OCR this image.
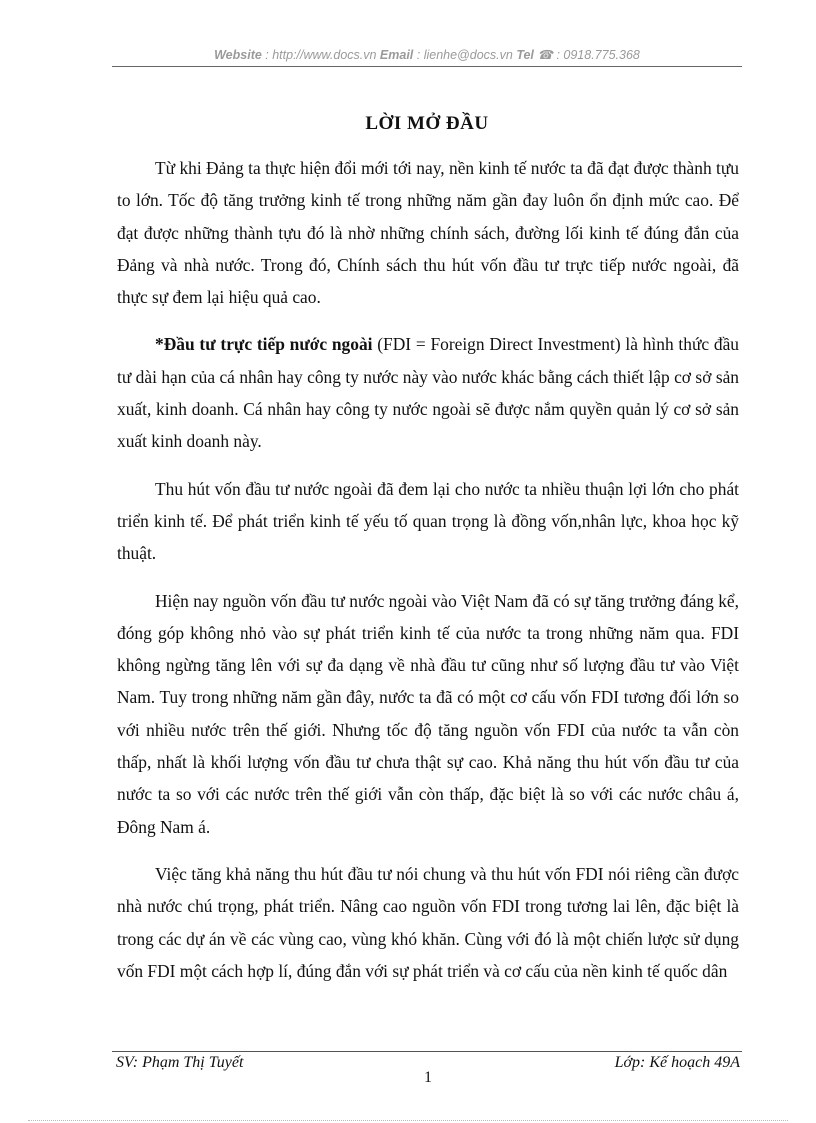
Website : http://www.docs.vn Email : lienhe@docs.vn Tel ☎ : 0918.775.368
LỜI MỞ ĐẦU

Từ khi Đảng ta thực hiện đổi mới tới nay, nền kinh tế nước ta đã đạt được thành tựu to lớn. Tốc độ tăng trưởng kinh tế trong những năm gần đay luôn ổn định mức cao. Để đạt được những thành tựu đó là nhờ những chính sách, đường lối kinh tế đúng đắn của Đảng và nhà nước. Trong đó, Chính sách thu hút vốn đầu tư trực tiếp nước ngoài, đã thực sự đem lại hiệu quả cao.

*Đầu tư trực tiếp nước ngoài (FDI = Foreign Direct Investment) là hình thức đầu tư dài hạn của cá nhân hay công ty nước này vào nước khác bằng cách thiết lập cơ sở sản xuất, kinh doanh. Cá nhân hay công ty nước ngoài sẽ được nắm quyền quản lý cơ sở sản xuất kinh doanh này.

Thu hút vốn đầu tư nước ngoài đã đem lại cho nước ta nhiều thuận lợi lớn cho phát triển kinh tế. Để phát triển kinh tế yếu tố quan trọng là đồng vốn,nhân lực, khoa học kỹ thuật.

Hiện nay nguồn vốn đầu tư nước ngoài vào Việt Nam đã có sự tăng trưởng đáng kể, đóng góp không nhỏ vào sự phát triển kinh tế của nước ta trong những năm qua. FDI không ngừng tăng lên với sự đa dạng về nhà đầu tư cũng như số lượng đầu tư vào Việt Nam. Tuy trong những năm gần đây, nước ta đã có một cơ cấu vốn FDI tương đối lớn so với nhiều nước trên thế giới. Nhưng tốc độ tăng nguồn vốn FDI của nước ta vẫn còn thấp, nhất là khối lượng vốn đầu tư chưa thật sự cao. Khả năng thu hút vốn đầu tư của nước ta so với các nước trên thế giới vẫn còn thấp, đặc biệt là so với các nước châu á, Đông Nam á.

Việc tăng khả năng thu hút đầu tư nói chung và thu hút vốn FDI nói riêng cần được nhà nước chú trọng, phát triển. Nâng cao nguồn vốn FDI trong tương lai lên, đặc biệt là trong các dự án về các vùng cao, vùng khó khăn. Cùng với đó là một chiến lược sử dụng vốn FDI một cách hợp lí, đúng đắn với sự phát triển và cơ cấu của nền kinh tế quốc dân

SV: Phạm Thị Tuyết	Lớp: Kế hoạch 49A
1
